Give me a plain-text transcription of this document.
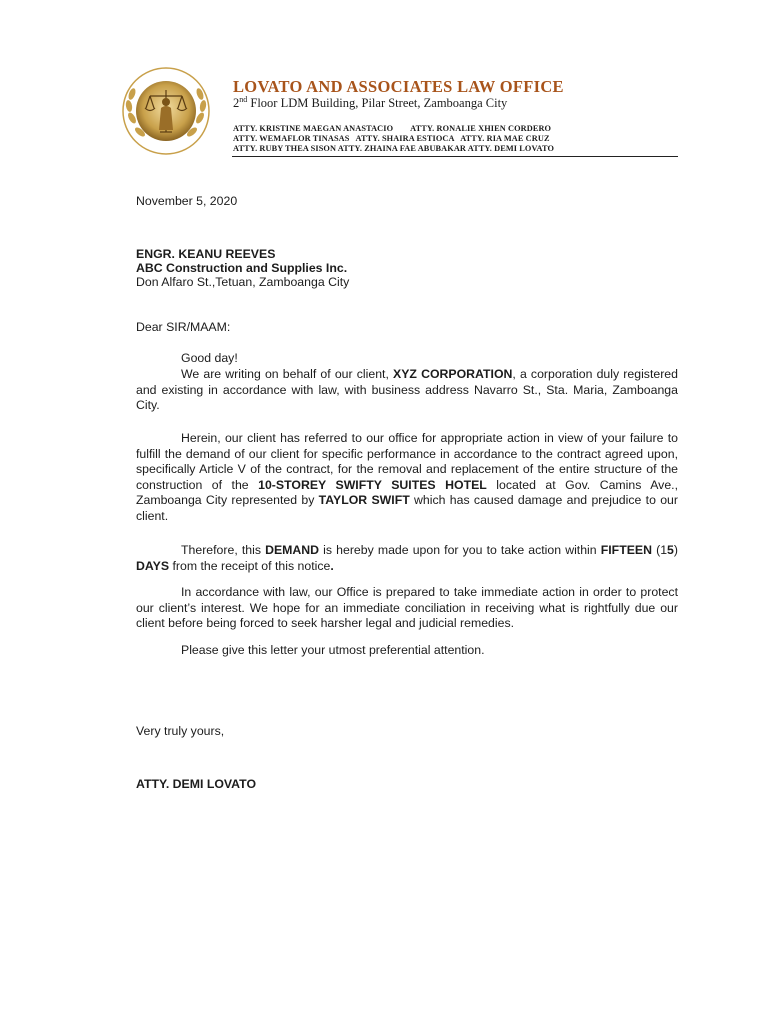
LOVATO AND ASSOCIATES LAW OFFICE
2nd Floor LDM Building, Pilar Street, Zamboanga City
ATTY. KRISTINE MAEGAN ANASTACIO        ATTY. RONALIE XHIEN CORDERO
ATTY. WEMAFLOR TINASAS   ATTY. SHAIRA ESTIOCA   ATTY. RIA MAE CRUZ
ATTY. RUBY THEA SISON ATTY. ZHAINA FAE ABUBAKAR ATTY. DEMI LOVATO
November 5, 2020
ENGR. KEANU REEVES
ABC Construction and Supplies Inc.
Don Alfaro St.,Tetuan, Zamboanga City
Dear SIR/MAAM:
Good day!
We are writing on behalf of our client, XYZ CORPORATION, a corporation duly registered and existing in accordance with law, with business address Navarro St., Sta. Maria, Zamboanga City.
Herein, our client has referred to our office for appropriate action in view of your failure to fulfill the demand of our client for specific performance in accordance to the contract agreed upon, specifically Article V of the contract, for the removal and replacement of the entire structure of the construction of the 10-STOREY SWIFTY SUITES HOTEL located at Gov. Camins Ave., Zamboanga City represented by TAYLOR SWIFT which has caused damage and prejudice to our client.
Therefore, this DEMAND is hereby made upon for you to take action within FIFTEEN (15) DAYS from the receipt of this notice.
In accordance with law, our Office is prepared to take immediate action in order to protect our client’s interest. We hope for an immediate conciliation in receiving what is rightfully due our client before being forced to seek harsher legal and judicial remedies.
Please give this letter your utmost preferential attention.
Very truly yours,
ATTY. DEMI LOVATO
